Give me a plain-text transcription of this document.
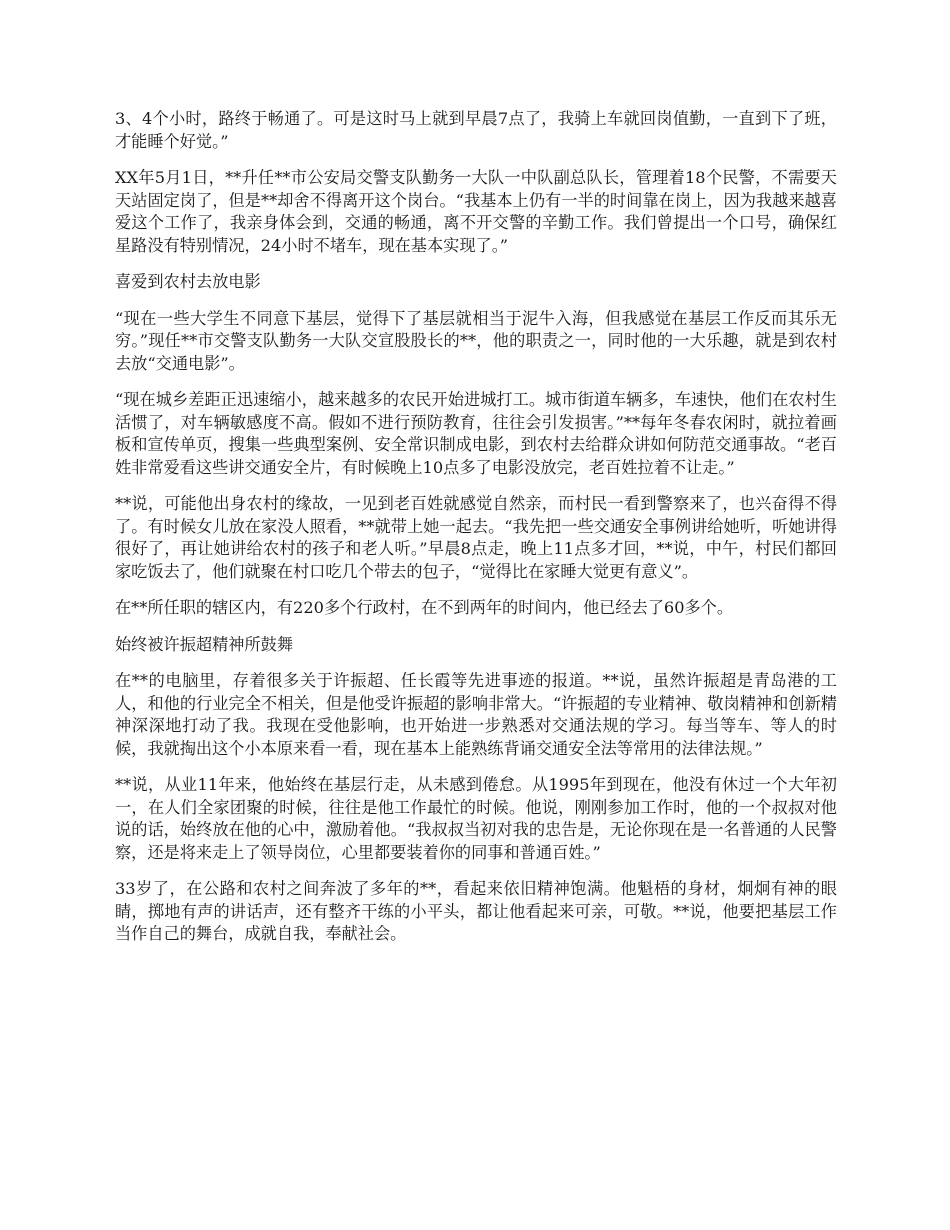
3、4个小时，路终于畅通了。可是这时马上就到早晨7点了，我骑上车就回岗值勤，一直到下了班，才能睡个好觉。”

XX年5月1日，**升任**市公安局交警支队勤务一大队一中队副总队长，管理着18个民警，不需要天天站固定岗了，但是**却舍不得离开这个岗台。“我基本上仍有一半的时间靠在岗上，因为我越来越喜爱这个工作了，我亲身体会到，交通的畅通，离不开交警的辛勤工作。我们曾提出一个口号，确保红星路没有特别情况，24小时不堵车，现在基本实现了。”

喜爱到农村去放电影

“现在一些大学生不同意下基层，觉得下了基层就相当于泥牛入海，但我感觉在基层工作反而其乐无穷。”现任**市交警支队勤务一大队交宣股股长的**，他的职责之一，同时他的一大乐趣，就是到农村去放“交通电影”。

“现在城乡差距正迅速缩小，越来越多的农民开始进城打工。城市街道车辆多，车速快，他们在农村生活惯了，对车辆敏感度不高。假如不进行预防教育，往往会引发损害。”**每年冬春农闲时，就拉着画板和宣传单页，搜集一些典型案例、安全常识制成电影，到农村去给群众讲如何防范交通事故。“老百姓非常爱看这些讲交通安全片，有时候晚上10点多了电影没放完，老百姓拉着不让走。”

**说，可能他出身农村的缘故，一见到老百姓就感觉自然亲，而村民一看到警察来了，也兴奋得不得了。有时候女儿放在家没人照看，**就带上她一起去。“我先把一些交通安全事例讲给她听，听她讲得很好了，再让她讲给农村的孩子和老人听。”早晨8点走，晚上11点多才回，**说，中午，村民们都回家吃饭去了，他们就聚在村口吃几个带去的包子，“觉得比在家睡大觉更有意义”。

在**所任职的辖区内，有220多个行政村，在不到两年的时间内，他已经去了60多个。

始终被许振超精神所鼓舞

在**的电脑里，存着很多关于许振超、任长霞等先进事迹的报道。**说，虽然许振超是青岛港的工人，和他的行业完全不相关，但是他受许振超的影响非常大。“许振超的专业精神、敬岗精神和创新精神深深地打动了我。我现在受他影响，也开始进一步熟悉对交通法规的学习。每当等车、等人的时候，我就掏出这个小本原来看一看，现在基本上能熟练背诵交通安全法等常用的法律法规。”

**说，从业11年来，他始终在基层行走，从未感到倦怠。从1995年到现在，他没有休过一个大年初一，在人们全家团聚的时候，往往是他工作最忙的时候。他说，刚刚参加工作时，他的一个叔叔对他说的话，始终放在他的心中，激励着他。“我叔叔当初对我的忠告是，无论你现在是一名普通的人民警察，还是将来走上了领导岗位，心里都要装着你的同事和普通百姓。”

33岁了，在公路和农村之间奔波了多年的**，看起来依旧精神饱满。他魁梧的身材，炯炯有神的眼睛，掷地有声的讲话声，还有整齐干练的小平头，都让他看起来可亲，可敬。**说，他要把基层工作当作自己的舞台，成就自我，奉献社会。
